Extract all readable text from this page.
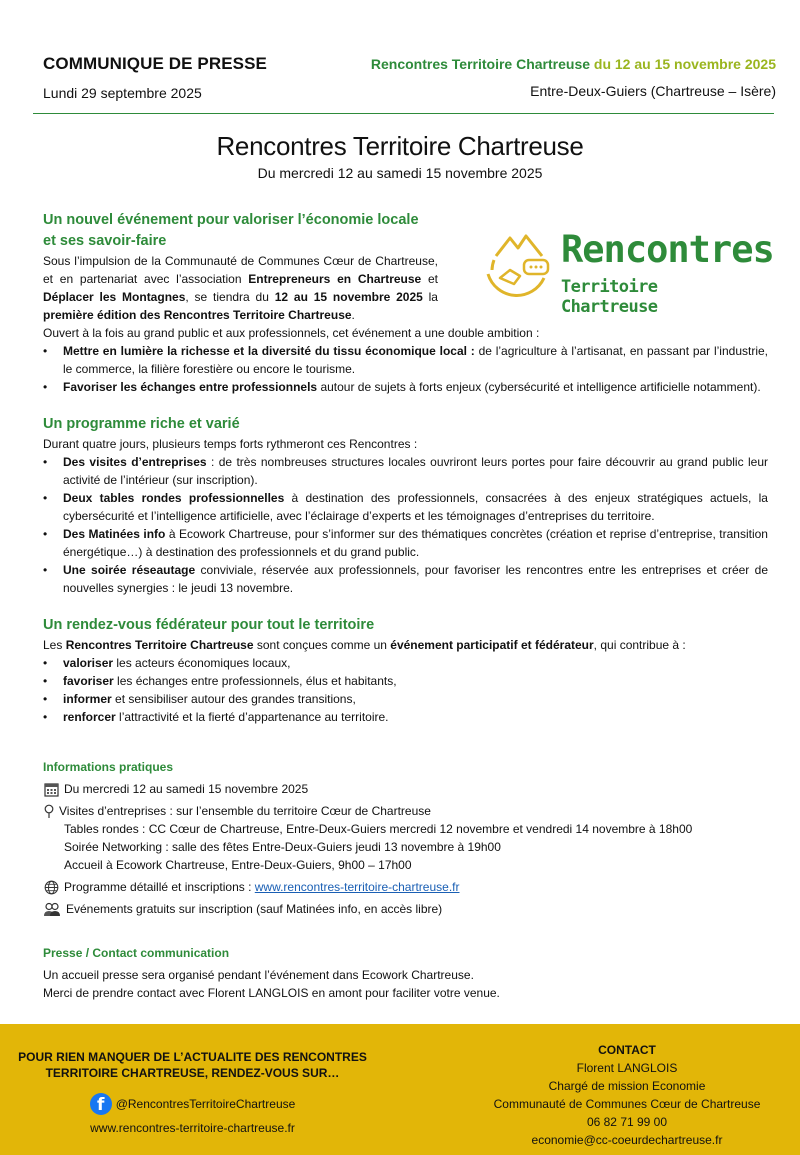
COMMUNIQUE DE PRESSE
Lundi 29 septembre 2025
Rencontres Territoire Chartreuse du 12 au 15 novembre 2025
Entre-Deux-Guiers (Chartreuse – Isère)
Rencontres Territoire Chartreuse
Du mercredi 12 au samedi 15 novembre 2025
Rencontres
Territoire Chartreuse
Un nouvel événement pour valoriser l’économie locale
et ses savoir-faire
Sous l’impulsion de la Communauté de Communes Cœur de Chartreuse, et en partenariat avec l’association Entrepreneurs en Chartreuse et Déplacer les Montagnes, se tiendra du 12 au 15 novembre 2025 la première édition des Rencontres Territoire Chartreuse.
Ouvert à la fois au grand public et aux professionnels, cet événement a une double ambition :
• Mettre en lumière la richesse et la diversité du tissu économique local : de l’agriculture à l’artisanat, en passant par l’industrie, le commerce, la filière forestière ou encore le tourisme.
• Favoriser les échanges entre professionnels autour de sujets à forts enjeux (cybersécurité et intelligence artificielle notamment).
Un programme riche et varié
Durant quatre jours, plusieurs temps forts rythmeront ces Rencontres :
• Des visites d’entreprises : de très nombreuses structures locales ouvriront leurs portes pour faire découvrir au grand public leur activité de l’intérieur (sur inscription).
• Deux tables rondes professionnelles à destination des professionnels, consacrées à des enjeux stratégiques actuels, la cybersécurité et l’intelligence artificielle, avec l’éclairage d’experts et les témoignages d’entreprises du territoire.
• Des Matinées info à Ecowork Chartreuse, pour s’informer sur des thématiques concrètes (création et reprise d’entreprise, transition énergétique…) à destination des professionnels et du grand public.
• Une soirée réseautage conviviale, réservée aux professionnels, pour favoriser les rencontres entre les entreprises et créer de nouvelles synergies : le jeudi 13 novembre.
Un rendez-vous fédérateur pour tout le territoire
Les Rencontres Territoire Chartreuse sont conçues comme un événement participatif et fédérateur, qui contribue à :
• valoriser les acteurs économiques locaux,
• favoriser les échanges entre professionnels, élus et habitants,
• informer et sensibiliser autour des grandes transitions,
• renforcer l’attractivité et la fierté d’appartenance au territoire.
Informations pratiques
Du mercredi 12 au samedi 15 novembre 2025
Visites d’entreprises : sur l’ensemble du territoire Cœur de Chartreuse
Tables rondes : CC Cœur de Chartreuse, Entre-Deux-Guiers mercredi 12 novembre et vendredi 14 novembre à 18h00
Soirée Networking : salle des fêtes Entre-Deux-Guiers jeudi 13 novembre à 19h00
Accueil à Ecowork Chartreuse, Entre-Deux-Guiers, 9h00 – 17h00
Programme détaillé et inscriptions :
www.rencontres-territoire-chartreuse.fr
Evénements gratuits sur inscription (sauf Matinées info, en accès libre)
Presse / Contact communication
Un accueil presse sera organisé pendant l’événement dans Ecowork Chartreuse.
Merci de prendre contact avec Florent LANGLOIS en amont pour faciliter votre venue.
POUR RIEN MANQUER DE L’ACTUALITE DES RENCONTRES
TERRITOIRE CHARTREUSE, RENDEZ-VOUS SUR…
f @RencontresTerritoireChartreuse
www.rencontres-territoire-chartreuse.fr
CONTACT
Florent LANGLOIS
Chargé de mission Economie
Communauté de Communes Cœur de Chartreuse
06 82 71 99 00
economie@cc-coeurdechartreuse.fr
